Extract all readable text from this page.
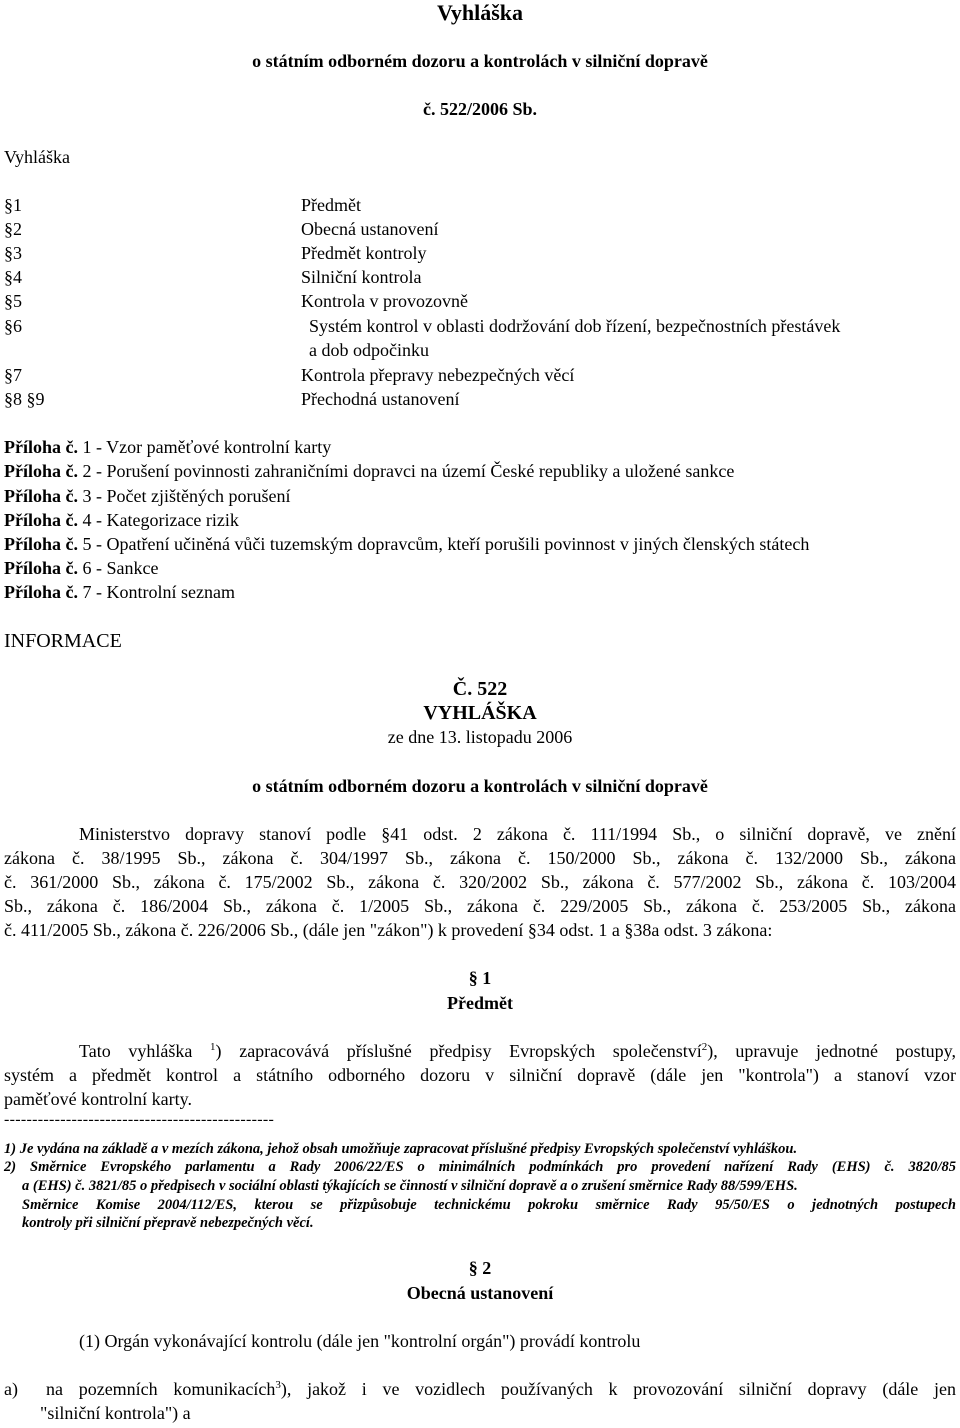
Vyhláška
o státním odborném dozoru a kontrolách v silniční dopravě
č. 522/2006 Sb.
Vyhláška
§1	Předmět
§2	Obecná ustanovení
§3	Předmět kontroly
§4	Silniční kontrola
§5	Kontrola v provozovně
§6	Systém kontrol v oblasti dodržování dob řízení, bezpečnostních přestávek
a dob odpočinku
§7	Kontrola přepravy nebezpečných věcí
§8 §9	Přechodná ustanovení
Příloha č. 1 - Vzor paměťové kontrolní karty
Příloha č. 2 - Porušení povinnosti zahraničními dopravci na území České republiky a uložené sankce
Příloha č. 3 - Počet zjištěných porušení
Příloha č. 4 - Kategorizace rizik
Příloha č. 5 - Opatření učiněná vůči tuzemským dopravcům, kteří porušili povinnost v jiných členských státech
Příloha č. 6 - Sankce
Příloha č. 7 - Kontrolní seznam
INFORMACE
Č. 522
VYHLÁŠKA
ze dne 13. listopadu 2006
o státním odborném dozoru a kontrolách v silniční dopravě
Ministerstvo dopravy stanoví podle §41 odst. 2 zákona č. 111/1994 Sb., o silniční dopravě, ve znění
zákona č. 38/1995 Sb., zákona č. 304/1997 Sb., zákona č. 150/2000 Sb., zákona č. 132/2000 Sb., zákona
č. 361/2000 Sb., zákona č. 175/2002 Sb., zákona č. 320/2002 Sb., zákona č. 577/2002 Sb., zákona č. 103/2004
Sb., zákona č. 186/2004 Sb., zákona č. 1/2005 Sb., zákona č. 229/2005 Sb., zákona č. 253/2005 Sb., zákona
č. 411/2005 Sb., zákona č. 226/2006 Sb., (dále jen "zákon") k provedení §34 odst. 1 a §38a odst. 3 zákona:
§ 1
Předmět
Tato vyhláška $^1$) zapracovává příslušné předpisy Evropských společenství$^2$), upravuje jednotné postupy,
systém a předmět kontrol a státního odborného dozoru v silniční dopravě (dále jen "kontrola") a stanoví vzor
paměťové kontrolní karty.
------------------------------------------------
1) Je vydána na základě a v mezích zákona, jehož obsah umožňuje zapracovat příslušné předpisy Evropských společenství vyhláškou.
2) Směrnice Evropského parlamentu a Rady 2006/22/ES o minimálních podmínkách pro provedení nařízení Rady (EHS) č. 3820/85
a (EHS) č. 3821/85 o předpisech v sociální oblasti týkajících se činností v silniční dopravě a o zrušení směrnice Rady 88/599/EHS.
Směrnice Komise 2004/112/ES, kterou se přizpůsobuje technickému pokroku směrnice Rady 95/50/ES o jednotných postupech
kontroly při silniční přepravě nebezpečných věcí.
§ 2
Obecná ustanovení
(1) Orgán vykonávající kontrolu (dále jen "kontrolní orgán") provádí kontrolu
a) na pozemních komunikacích$^3$), jakož i ve vozidlech používaných k provozování silniční dopravy (dále jen
"silniční kontrola") a
